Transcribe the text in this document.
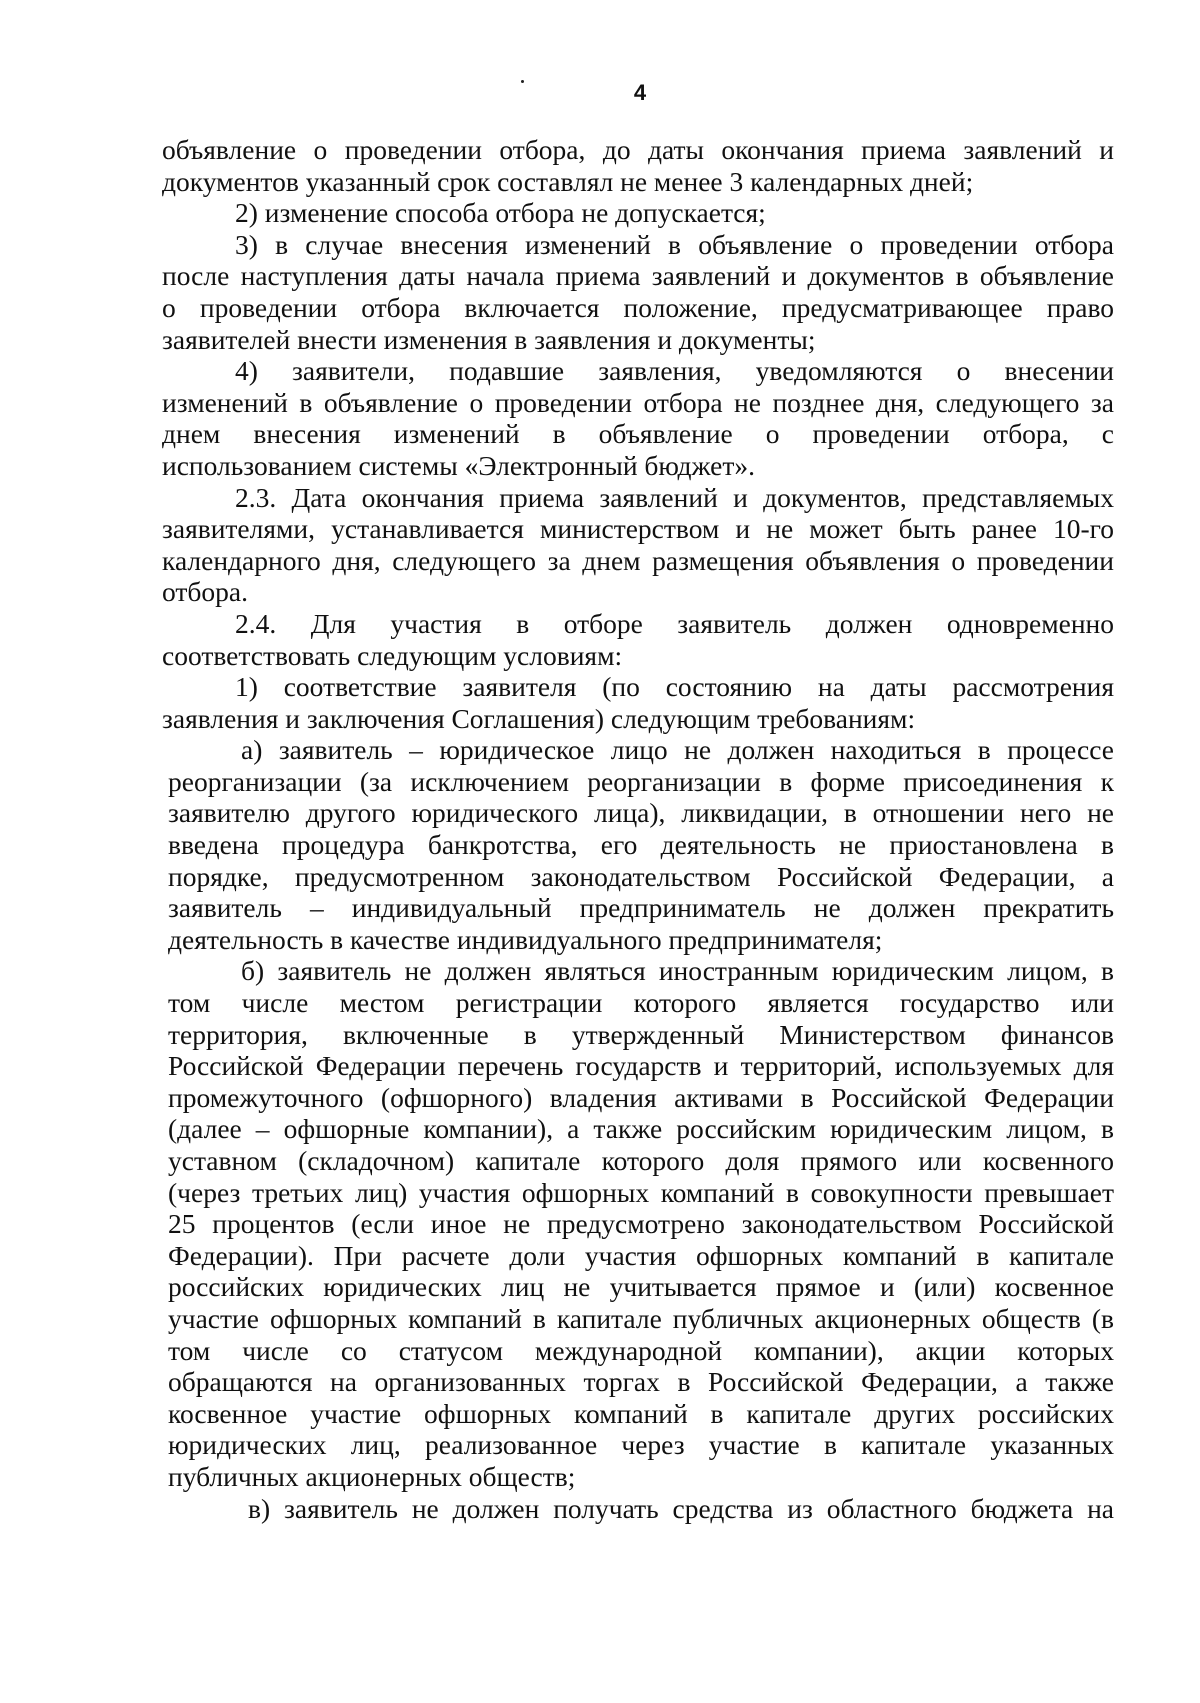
4
объявление о проведении отбора, до даты окончания приема заявлений и
документов указанный срок составлял не менее 3 календарных дней;
2) изменение способа отбора не допускается;
3) в случае внесения изменений в объявление о проведении отбора
после наступления даты начала приема заявлений и документов в объявление
о проведении отбора включается положение, предусматривающее право
заявителей внести изменения в заявления и документы;
4) заявители, подавшие заявления, уведомляются о внесении
изменений в объявление о проведении отбора не позднее дня, следующего за
днем внесения изменений в объявление о проведении отбора, с
использованием системы «Электронный бюджет».
2.3. Дата окончания приема заявлений и документов, представляемых
заявителями, устанавливается министерством и не может быть ранее 10-го
календарного дня, следующего за днем размещения объявления о проведении
отбора.
2.4. Для участия в отборе заявитель должен одновременно
соответствовать следующим условиям:
1) соответствие заявителя (по состоянию на даты рассмотрения
заявления и заключения Соглашения) следующим требованиям:
а) заявитель – юридическое лицо не должен находиться в процессе
реорганизации (за исключением реорганизации в форме присоединения к
заявителю другого юридического лица), ликвидации, в отношении него не
введена процедура банкротства, его деятельность не приостановлена в
порядке, предусмотренном законодательством Российской Федерации, а
заявитель – индивидуальный предприниматель не должен прекратить
деятельность в качестве индивидуального предпринимателя;
б) заявитель не должен являться иностранным юридическим лицом, в
том числе местом регистрации которого является государство или
территория, включенные в утвержденный Министерством финансов
Российской Федерации перечень государств и территорий, используемых для
промежуточного (офшорного) владения активами в Российской Федерации
(далее – офшорные компании), а также российским юридическим лицом, в
уставном (складочном) капитале которого доля прямого или косвенного
(через третьих лиц) участия офшорных компаний в совокупности превышает
25 процентов (если иное не предусмотрено законодательством Российской
Федерации). При расчете доли участия офшорных компаний в капитале
российских юридических лиц не учитывается прямое и (или) косвенное
участие офшорных компаний в капитале публичных акционерных обществ (в
том числе со статусом международной компании), акции которых
обращаются на организованных торгах в Российской Федерации, а также
косвенное участие офшорных компаний в капитале других российских
юридических лиц, реализованное через участие в капитале указанных
публичных акционерных обществ;
в) заявитель не должен получать средства из областного бюджета на
